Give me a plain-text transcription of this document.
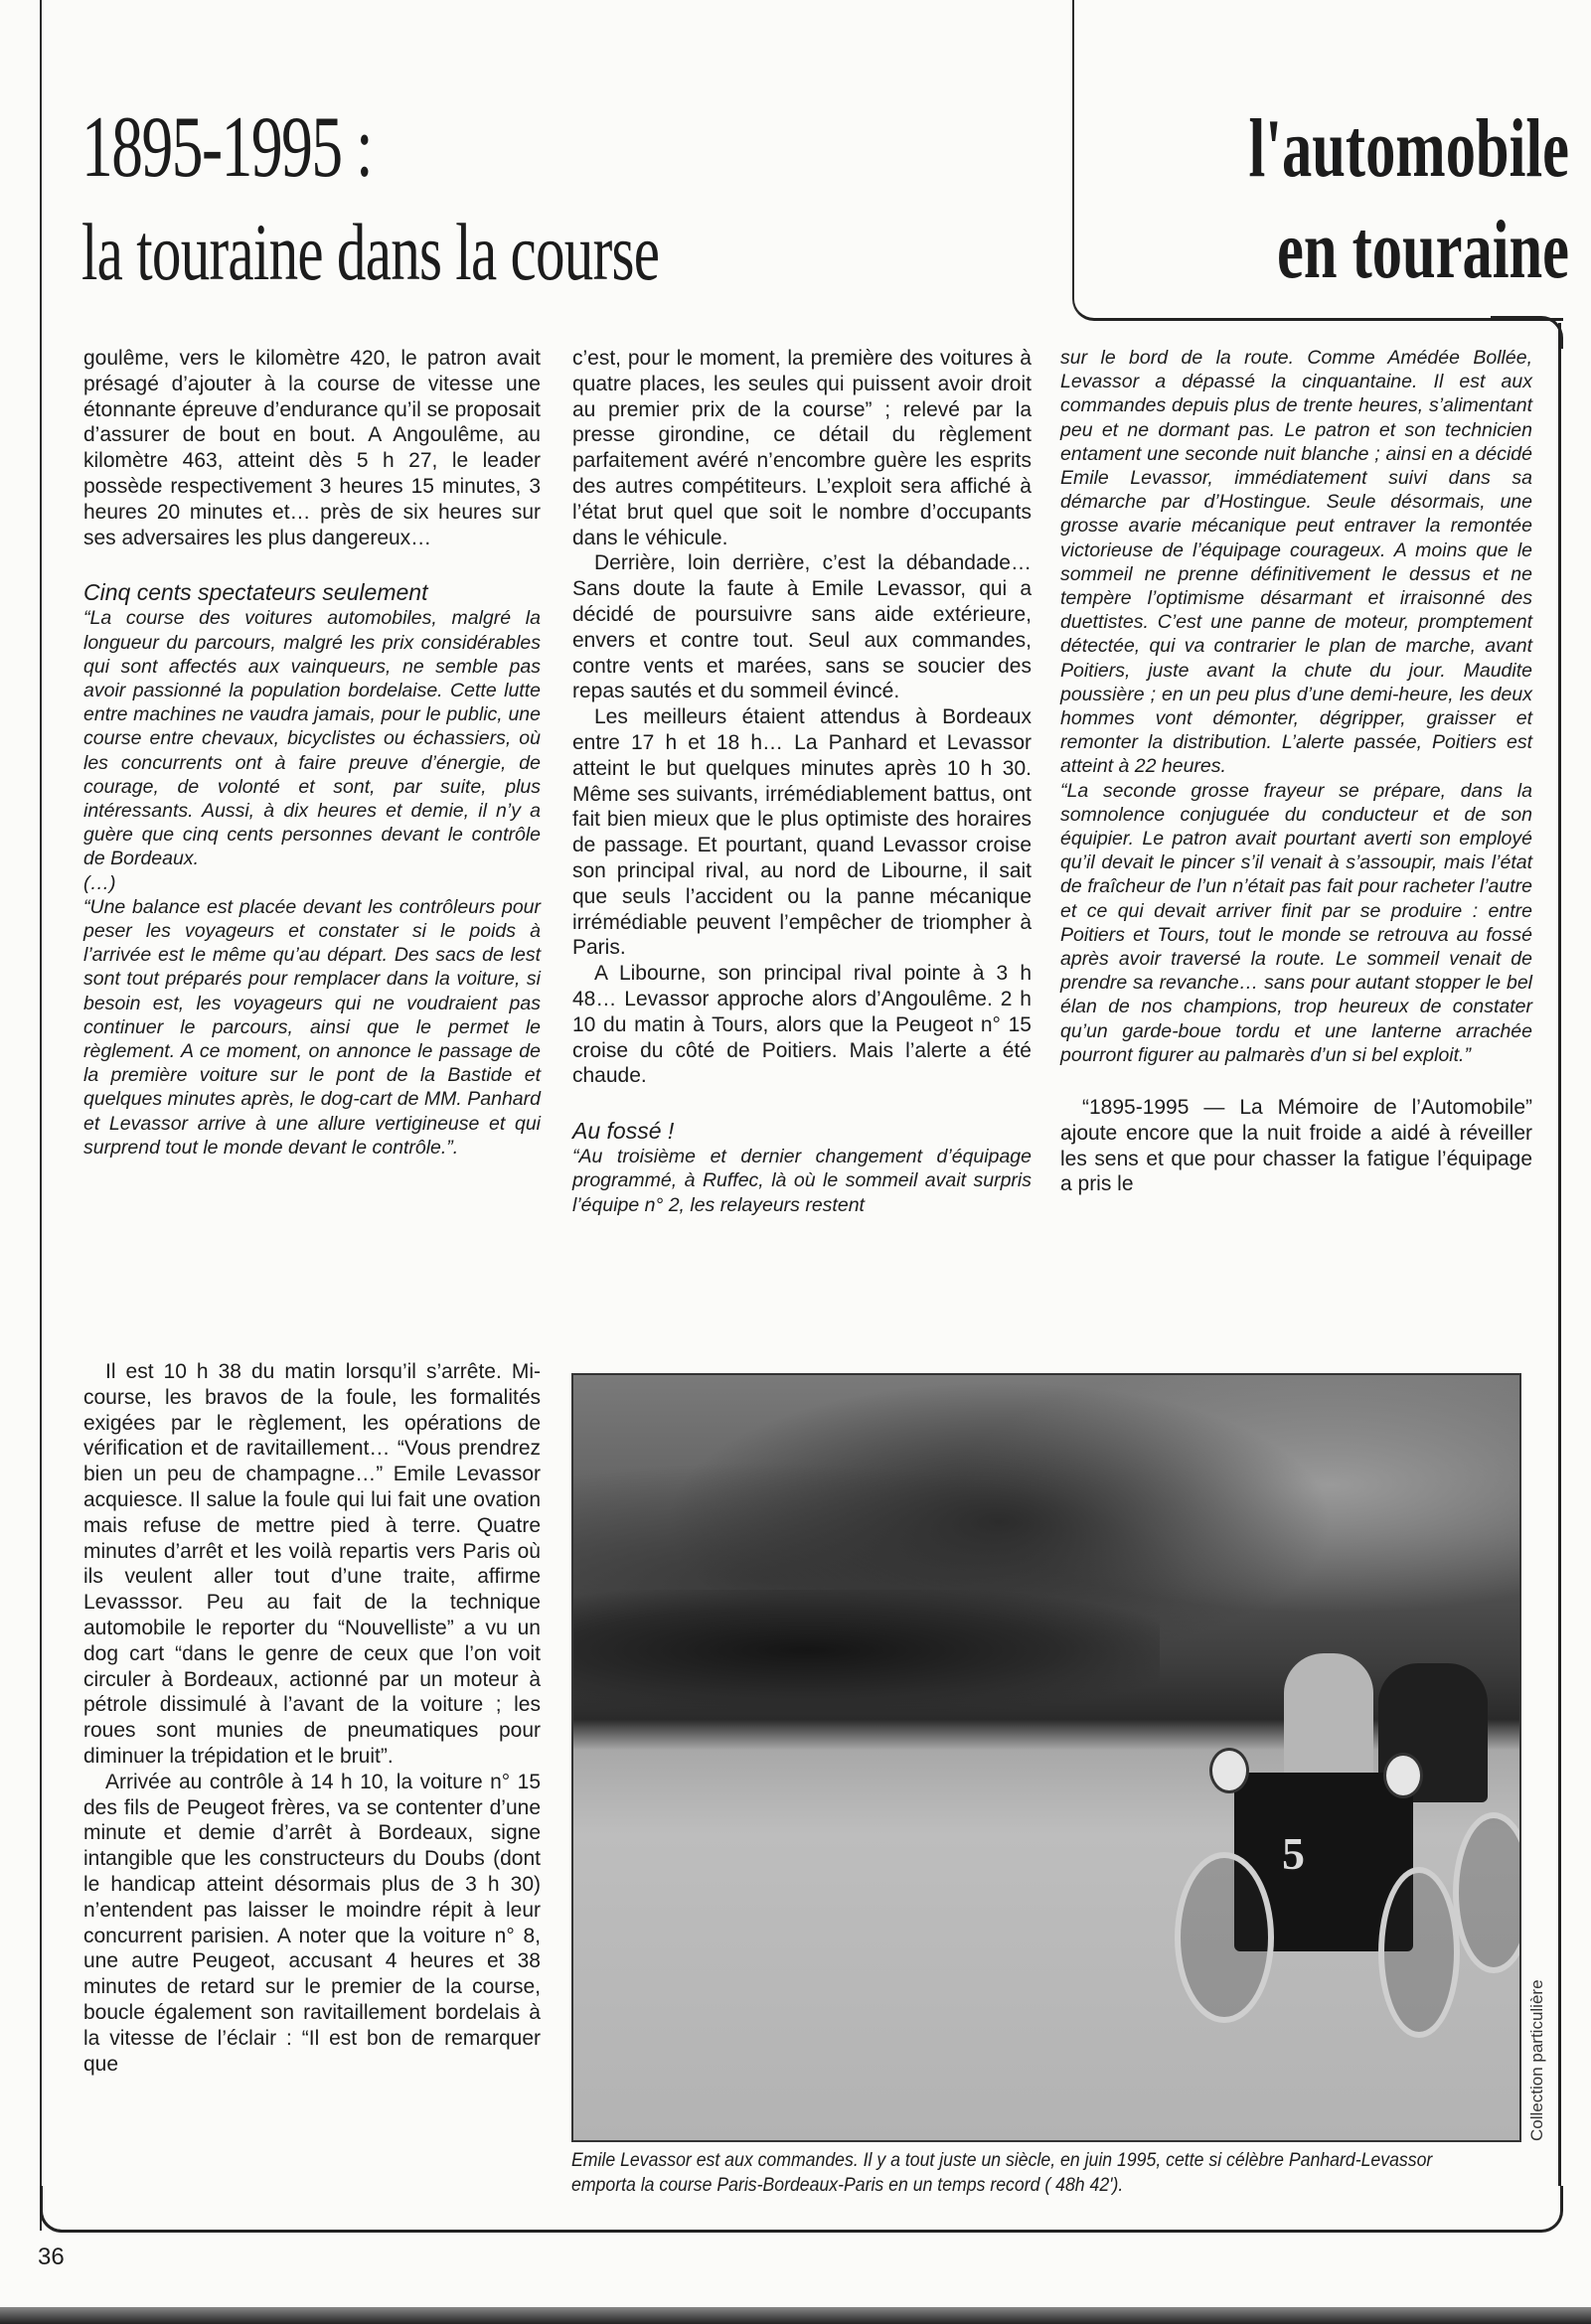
1895-1995 :
la touraine dans la course
l'automobile
en touraine

goulême, vers le kilomètre 420, le patron avait présagé d’ajouter à la course de vitesse une étonnante épreuve d’endurance qu’il se proposait d’assurer de bout en bout. A Angoulême, au kilomètre 463, atteint dès 5 h 27, le leader possède respectivement 3 heures 15 minutes, 3 heures 20 minutes et… près de six heures sur ses adversaires les plus dangereux…

Cinq cents spectateurs seulement

“La course des voitures automobiles, malgré la longueur du parcours, malgré les prix considérables qui sont affectés aux vainqueurs, ne semble pas avoir passionné la population bordelaise. Cette lutte entre machines ne vaudra jamais, pour le public, une course entre chevaux, bicyclistes ou échassiers, où les concurrents ont à faire preuve d’énergie, de courage, de volonté et sont, par suite, plus intéressants. Aussi, à dix heures et demie, il n’y a guère que cinq cents personnes devant le contrôle de Bordeaux.

(…)

“Une balance est placée devant les contrôleurs pour peser les voyageurs et constater si le poids à l’arrivée est le même qu’au départ. Des sacs de lest sont tout préparés pour remplacer dans la voiture, si besoin est, les voyageurs qui ne voudraient pas continuer le parcours, ainsi que le permet le règlement. A ce moment, on annonce le passage de la première voiture sur le pont de la Bastide et quelques minutes après, le dog-cart de MM. Panhard et Levassor arrive à une allure vertigineuse et qui surprend tout le monde devant le contrôle.”.

c’est, pour le moment, la première des voitures à quatre places, les seules qui puissent avoir droit au premier prix de la course” ; relevé par la presse girondine, ce détail du règlement parfaitement avéré n’encombre guère les esprits des autres compétiteurs. L’exploit sera affiché à l’état brut quel que soit le nombre d’occupants dans le véhicule.

Derrière, loin derrière, c’est la débandade… Sans doute la faute à Emile Levassor, qui a décidé de poursuivre sans aide extérieure, envers et contre tout. Seul aux commandes, contre vents et marées, sans se soucier des repas sautés et du sommeil évincé.

Les meilleurs étaient attendus à Bordeaux entre 17 h et 18 h… La Panhard et Levassor atteint le but quelques minutes après 10 h 30. Même ses suivants, irrémédiablement battus, ont fait bien mieux que le plus optimiste des horaires de passage. Et pourtant, quand Levassor croise son principal rival, au nord de Libourne, il sait que seuls l’accident ou la panne mécanique irrémédiable peuvent l’empêcher de triompher à Paris.

A Libourne, son principal rival pointe à 3 h 48… Levassor approche alors d’Angoulême. 2 h 10 du matin à Tours, alors que la Peugeot n° 15 croise du côté de Poitiers. Mais l’alerte a été chaude.

Au fossé !

“Au troisième et dernier changement d’équipage programmé, à Ruffec, là où le sommeil avait surpris l’équipe n° 2, les relayeurs restent

sur le bord de la route. Comme Amédée Bollée, Levassor a dépassé la cinquantaine. Il est aux commandes depuis plus de trente heures, s’alimentant peu et ne dormant pas. Le patron et son technicien entament une seconde nuit blanche ; ainsi en a décidé Emile Levassor, immédiatement suivi dans sa démarche par d’Hostingue. Seule désormais, une grosse avarie mécanique peut entraver la remontée victorieuse de l’équipage courageux. A moins que le sommeil ne prenne définitivement le dessus et ne tempère l’optimisme désarmant et irraisonné des duettistes. C’est une panne de moteur, promptement détectée, qui va contrarier le plan de marche, avant Poitiers, juste avant la chute du jour. Maudite poussière ; en un peu plus d’une demi-heure, les deux hommes vont démonter, dégripper, graisser et remonter la distribution. L’alerte passée, Poitiers est atteint à 22 heures.

“La seconde grosse frayeur se prépare, dans la somnolence conjuguée du conducteur et de son équipier. Le patron avait pourtant averti son employé qu’il devait le pincer s’il venait à s’assoupir, mais l’état de fraîcheur de l’un n’était pas fait pour racheter l’autre et ce qui devait arriver finit par se produire : entre Poitiers et Tours, tout le monde se retrouva au fossé après avoir traversé la route. Le sommeil venait de prendre sa revanche… sans pour autant stopper le bel élan de nos champions, trop heureux de constater qu’un garde-boue tordu et une lanterne arrachée pourront figurer au palmarès d’un si bel exploit.”

“1895-1995 — La Mémoire de l’Automobile” ajoute encore que la nuit froide a aidé à réveiller les sens et que pour chasser la fatigue l’équipage a pris le

Il est 10 h 38 du matin lorsqu’il s’arrête. Mi-course, les bravos de la foule, les formalités exigées par le règlement, les opérations de vérification et de ravitaillement… “Vous prendrez bien un peu de champagne…” Emile Levassor acquiesce. Il salue la foule qui lui fait une ovation mais refuse de mettre pied à terre. Quatre minutes d’arrêt et les voilà repartis vers Paris où ils veulent aller tout d’une traite, affirme Levasssor. Peu au fait de la technique automobile le reporter du “Nouvelliste” a vu un dog cart “dans le genre de ceux que l’on voit circuler à Bordeaux, actionné par un moteur à pétrole dissimulé à l’avant de la voiture ; les roues sont munies de pneumatiques pour diminuer la trépidation et le bruit”.

Arrivée au contrôle à 14 h 10, la voiture n° 15 des fils de Peugeot frères, va se contenter d’une minute et demie d’arrêt à Bordeaux, signe intangible que les constructeurs du Doubs (dont le handicap atteint désormais plus de 3 h 30) n’entendent pas laisser le moindre répit à leur concurrent parisien. A noter que la voiture n° 8, une autre Peugeot, accusant 4 heures et 38 minutes de retard sur le premier de la course, boucle également son ravitaillement bordelais à la vitesse de l’éclair : “Il est bon de remarquer que

5
Collection particulière
Emile Levassor est aux commandes. Il y a tout juste un siècle, en juin 1995, cette si célèbre Panhard-Levassor emporta la course Paris-Bordeaux-Paris en un temps record ( 48h 42').
36
